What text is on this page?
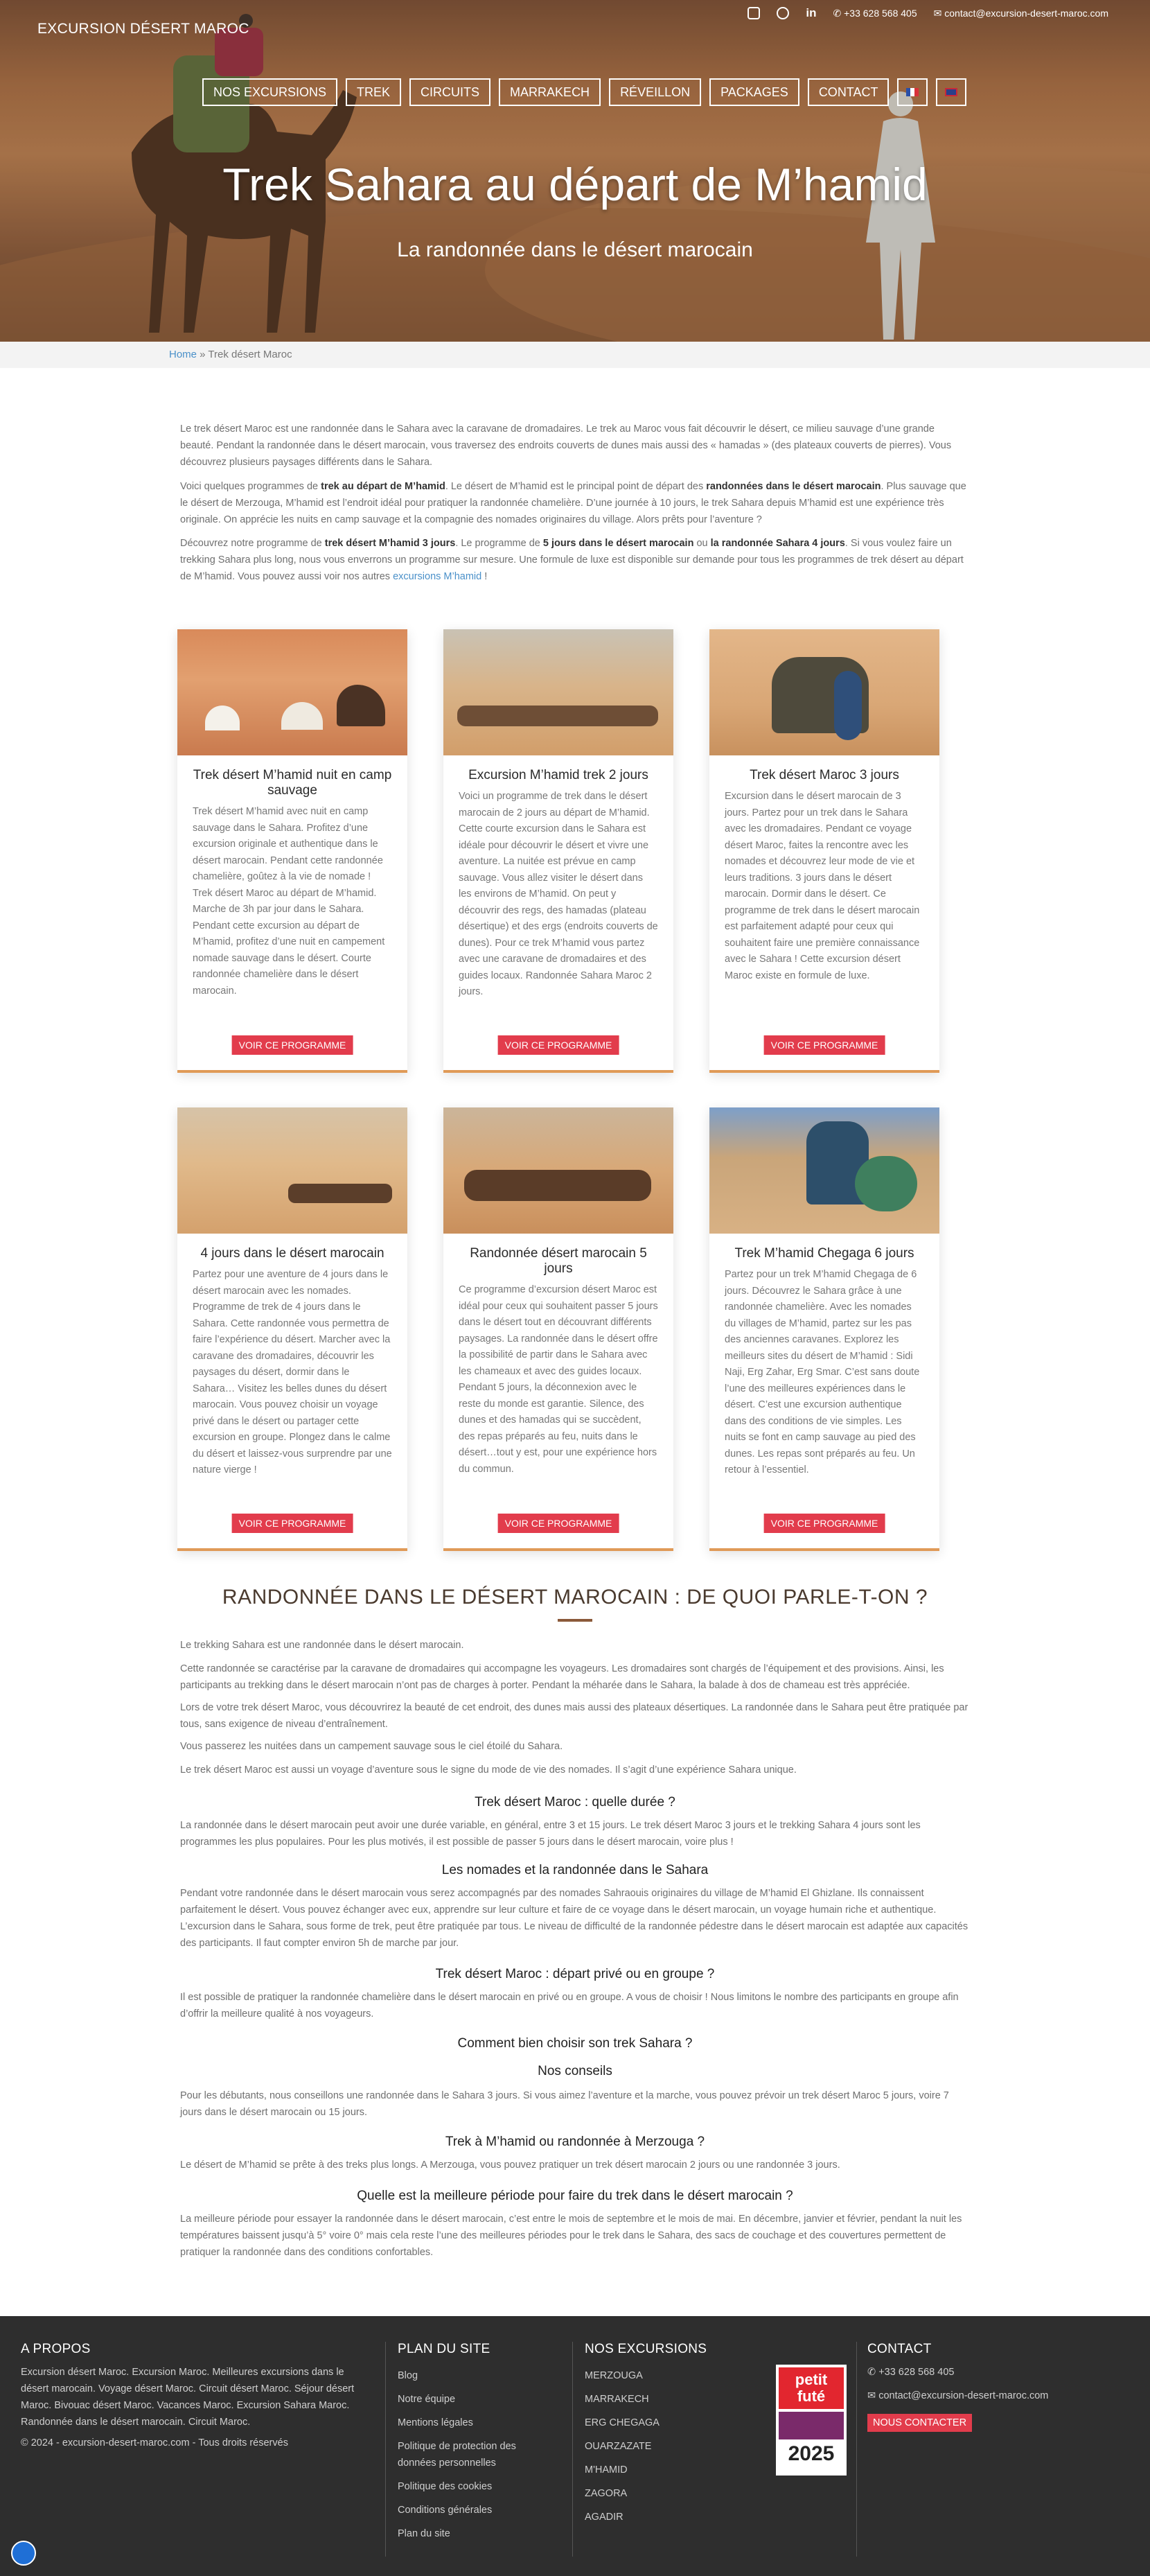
EXCURSION DÉSERT MAROC
in ✆ +33 628 568 405 ✉ contact@excursion-desert-maroc.com
NOS EXCURSIONS	TREK	CIRCUITS	MARRAKECH	RÉVEILLON	PACKAGES	CONTACT
Trek Sahara au départ de M’hamid
La randonnée dans le désert marocain
Home » Trek désert Maroc

Le trek désert Maroc est une randonnée dans le Sahara avec la caravane de dromadaires. Le trek au Maroc vous fait découvrir le désert, ce milieu sauvage d’une grande beauté. Pendant la randonnée dans le désert marocain, vous traversez des endroits couverts de dunes mais aussi des « hamadas » (des plateaux couverts de pierres). Vous découvrez plusieurs paysages différents dans le Sahara.

Voici quelques programmes de trek au départ de M’hamid. Le désert de M’hamid est le principal point de départ des randonnées dans le désert marocain. Plus sauvage que le désert de Merzouga, M’hamid est l’endroit idéal pour pratiquer la randonnée chamelière. D’une journée à 10 jours, le trek Sahara depuis M’hamid est une expérience très originale. On apprécie les nuits en camp sauvage et la compagnie des nomades originaires du village. Alors prêts pour l’aventure ?

Découvrez notre programme de trek désert M’hamid 3 jours. Le programme de 5 jours dans le désert marocain ou la randonnée Sahara 4 jours. Si vous voulez faire un trekking Sahara plus long, nous vous enverrons un programme sur mesure. Une formule de luxe est disponible sur demande pour tous les programmes de trek désert au départ de M’hamid. Vous pouvez aussi voir nos autres excursions M’hamid !

Trek désert M’hamid nuit en camp sauvage

Trek désert M’hamid avec nuit en camp sauvage dans le Sahara. Profitez d’une excursion originale et authentique dans le désert marocain. Pendant cette randonnée chamelière, goûtez à la vie de nomade ! Trek désert Maroc au départ de M’hamid. Marche de 3h par jour dans le Sahara. Pendant cette excursion au départ de M’hamid, profitez d’une nuit en campement nomade sauvage dans le désert. Courte randonnée chamelière dans le désert marocain.

VOIR CE PROGRAMME
Excursion M’hamid trek 2 jours

Voici un programme de trek dans le désert marocain de 2 jours au départ de M’hamid. Cette courte excursion dans le Sahara est idéale pour découvrir le désert et vivre une aventure. La nuitée est prévue en camp sauvage. Vous allez visiter le désert dans les environs de M’hamid. On peut y découvrir des regs, des hamadas (plateau désertique) et des ergs (endroits couverts de dunes). Pour ce trek M’hamid vous partez avec une caravane de dromadaires et des guides locaux. Randonnée Sahara Maroc 2 jours.

VOIR CE PROGRAMME
Trek désert Maroc 3 jours

Excursion dans le désert marocain de 3 jours. Partez pour un trek dans le Sahara avec les dromadaires. Pendant ce voyage désert Maroc, faites la rencontre avec les nomades et découvrez leur mode de vie et leurs traditions. 3 jours dans le désert marocain. Dormir dans le désert. Ce programme de trek dans le désert marocain est parfaitement adapté pour ceux qui souhaitent faire une première connaissance avec le Sahara ! Cette excursion désert Maroc existe en formule de luxe.

VOIR CE PROGRAMME
4 jours dans le désert marocain

Partez pour une aventure de 4 jours dans le désert marocain avec les nomades. Programme de trek de 4 jours dans le Sahara. Cette randonnée vous permettra de faire l’expérience du désert. Marcher avec la caravane des dromadaires, découvrir les paysages du désert, dormir dans le Sahara… Visitez les belles dunes du désert marocain. Vous pouvez choisir un voyage privé dans le désert ou partager cette excursion en groupe. Plongez dans le calme du désert et laissez-vous surprendre par une nature vierge !

VOIR CE PROGRAMME
Randonnée désert marocain 5 jours

Ce programme d’excursion désert Maroc est idéal pour ceux qui souhaitent passer 5 jours dans le désert tout en découvrant différents paysages. La randonnée dans le désert offre la possibilité de partir dans le Sahara avec les chameaux et avec des guides locaux. Pendant 5 jours, la déconnexion avec le reste du monde est garantie. Silence, des dunes et des hamadas qui se succèdent, des repas préparés au feu, nuits dans le désert…tout y est, pour une expérience hors du commun.

VOIR CE PROGRAMME
Trek M’hamid Chegaga 6 jours

Partez pour un trek M’hamid Chegaga de 6 jours. Découvrez le Sahara grâce à une randonnée chamelière. Avec les nomades du villages de M’hamid, partez sur les pas des anciennes caravanes. Explorez les meilleurs sites du désert de M’hamid : Sidi Naji, Erg Zahar, Erg Smar. C’est sans doute l’une des meilleures expériences dans le désert. C’est une excursion authentique dans des conditions de vie simples. Les nuits se font en camp sauvage au pied des dunes. Les repas sont préparés au feu. Un retour à l’essentiel.

VOIR CE PROGRAMME
RANDONNÉE DANS LE DÉSERT MAROCAIN : DE QUOI PARLE-T-ON ?

Le trekking Sahara est une randonnée dans le désert marocain.

Cette randonnée se caractérise par la caravane de dromadaires qui accompagne les voyageurs. Les dromadaires sont chargés de l’équipement et des provisions. Ainsi, les participants au trekking dans le désert marocain n’ont pas de charges à porter. Pendant la méharée dans le Sahara, la balade à dos de chameau est très appréciée.

Lors de votre trek désert Maroc, vous découvrirez la beauté de cet endroit, des dunes mais aussi des plateaux désertiques. La randonnée dans le Sahara peut être pratiquée par tous, sans exigence de niveau d’entraînement.

Vous passerez les nuitées dans un campement sauvage sous le ciel étoilé du Sahara.

Le trek désert Maroc est aussi un voyage d’aventure sous le signe du mode de vie des nomades. Il s’agit d’une expérience Sahara unique.

Trek désert Maroc : quelle durée ?

La randonnée dans le désert marocain peut avoir une durée variable, en général, entre 3 et 15 jours. Le trek désert Maroc 3 jours et le trekking Sahara 4 jours sont les programmes les plus populaires. Pour les plus motivés, il est possible de passer 5 jours dans le désert marocain, voire plus !

Les nomades et la randonnée dans le Sahara

Pendant votre randonnée dans le désert marocain vous serez accompagnés par des nomades Sahraouis originaires du village de M’hamid El Ghizlane. Ils connaissent parfaitement le désert. Vous pouvez échanger avec eux, apprendre sur leur culture et faire de ce voyage dans le désert marocain, un voyage humain riche et authentique. L’excursion dans le Sahara, sous forme de trek, peut être pratiquée par tous. Le niveau de difficulté de la randonnée pédestre dans le désert marocain est adaptée aux capacités des participants. Il faut compter environ 5h de marche par jour.

Trek désert Maroc : départ privé ou en groupe ?

Il est possible de pratiquer la randonnée chamelière dans le désert marocain en privé ou en groupe. A vous de choisir ! Nous limitons le nombre des participants en groupe afin d’offrir la meilleure qualité à nos voyageurs.

Comment bien choisir son trek Sahara ?
Nos conseils

Pour les débutants, nous conseillons une randonnée dans le Sahara 3 jours. Si vous aimez l’aventure et la marche, vous pouvez prévoir un trek désert Maroc 5 jours, voire 7 jours dans le désert marocain ou 15 jours.

Trek à M’hamid ou randonnée à Merzouga ?

Le désert de M’hamid se prête à des treks plus longs. A Merzouga, vous pouvez pratiquer un trek désert marocain 2 jours ou une randonnée 3 jours.

Quelle est la meilleure période pour faire du trek dans le désert marocain ?

La meilleure période pour essayer la randonnée dans le désert marocain, c’est entre le mois de septembre et le mois de mai. En décembre, janvier et février, pendant la nuit les températures baissent jusqu’à 5° voire 0° mais cela reste l’une des meilleures périodes pour le trek dans le Sahara, des sacs de couchage et des couvertures permettent de pratiquer la randonnée dans des conditions confortables.

A PROPOS

Excursion désert Maroc. Excursion Maroc. Meilleures excursions dans le désert marocain. Voyage désert Maroc. Circuit désert Maroc. Séjour désert Maroc. Bivouac désert Maroc. Vacances Maroc. Excursion Sahara Maroc. Randonnée dans le désert marocain. Circuit Maroc.

© 2024 - excursion-desert-maroc.com - Tous droits réservés

PLAN DU SITE
Blog
Notre équipe
Mentions légales
Politique de protection des données personnelles
Politique des cookies
Conditions générales
Plan du site
NOS EXCURSIONS
MERZOUGA
MARRAKECH
ERG CHEGAGA
OUARZAZATE
M'HAMID
ZAGORA
AGADIR
petit futé
2025
CONTACT

✆ +33 628 568 405

✉ contact@excursion-desert-maroc.com

NOUS CONTACTER
